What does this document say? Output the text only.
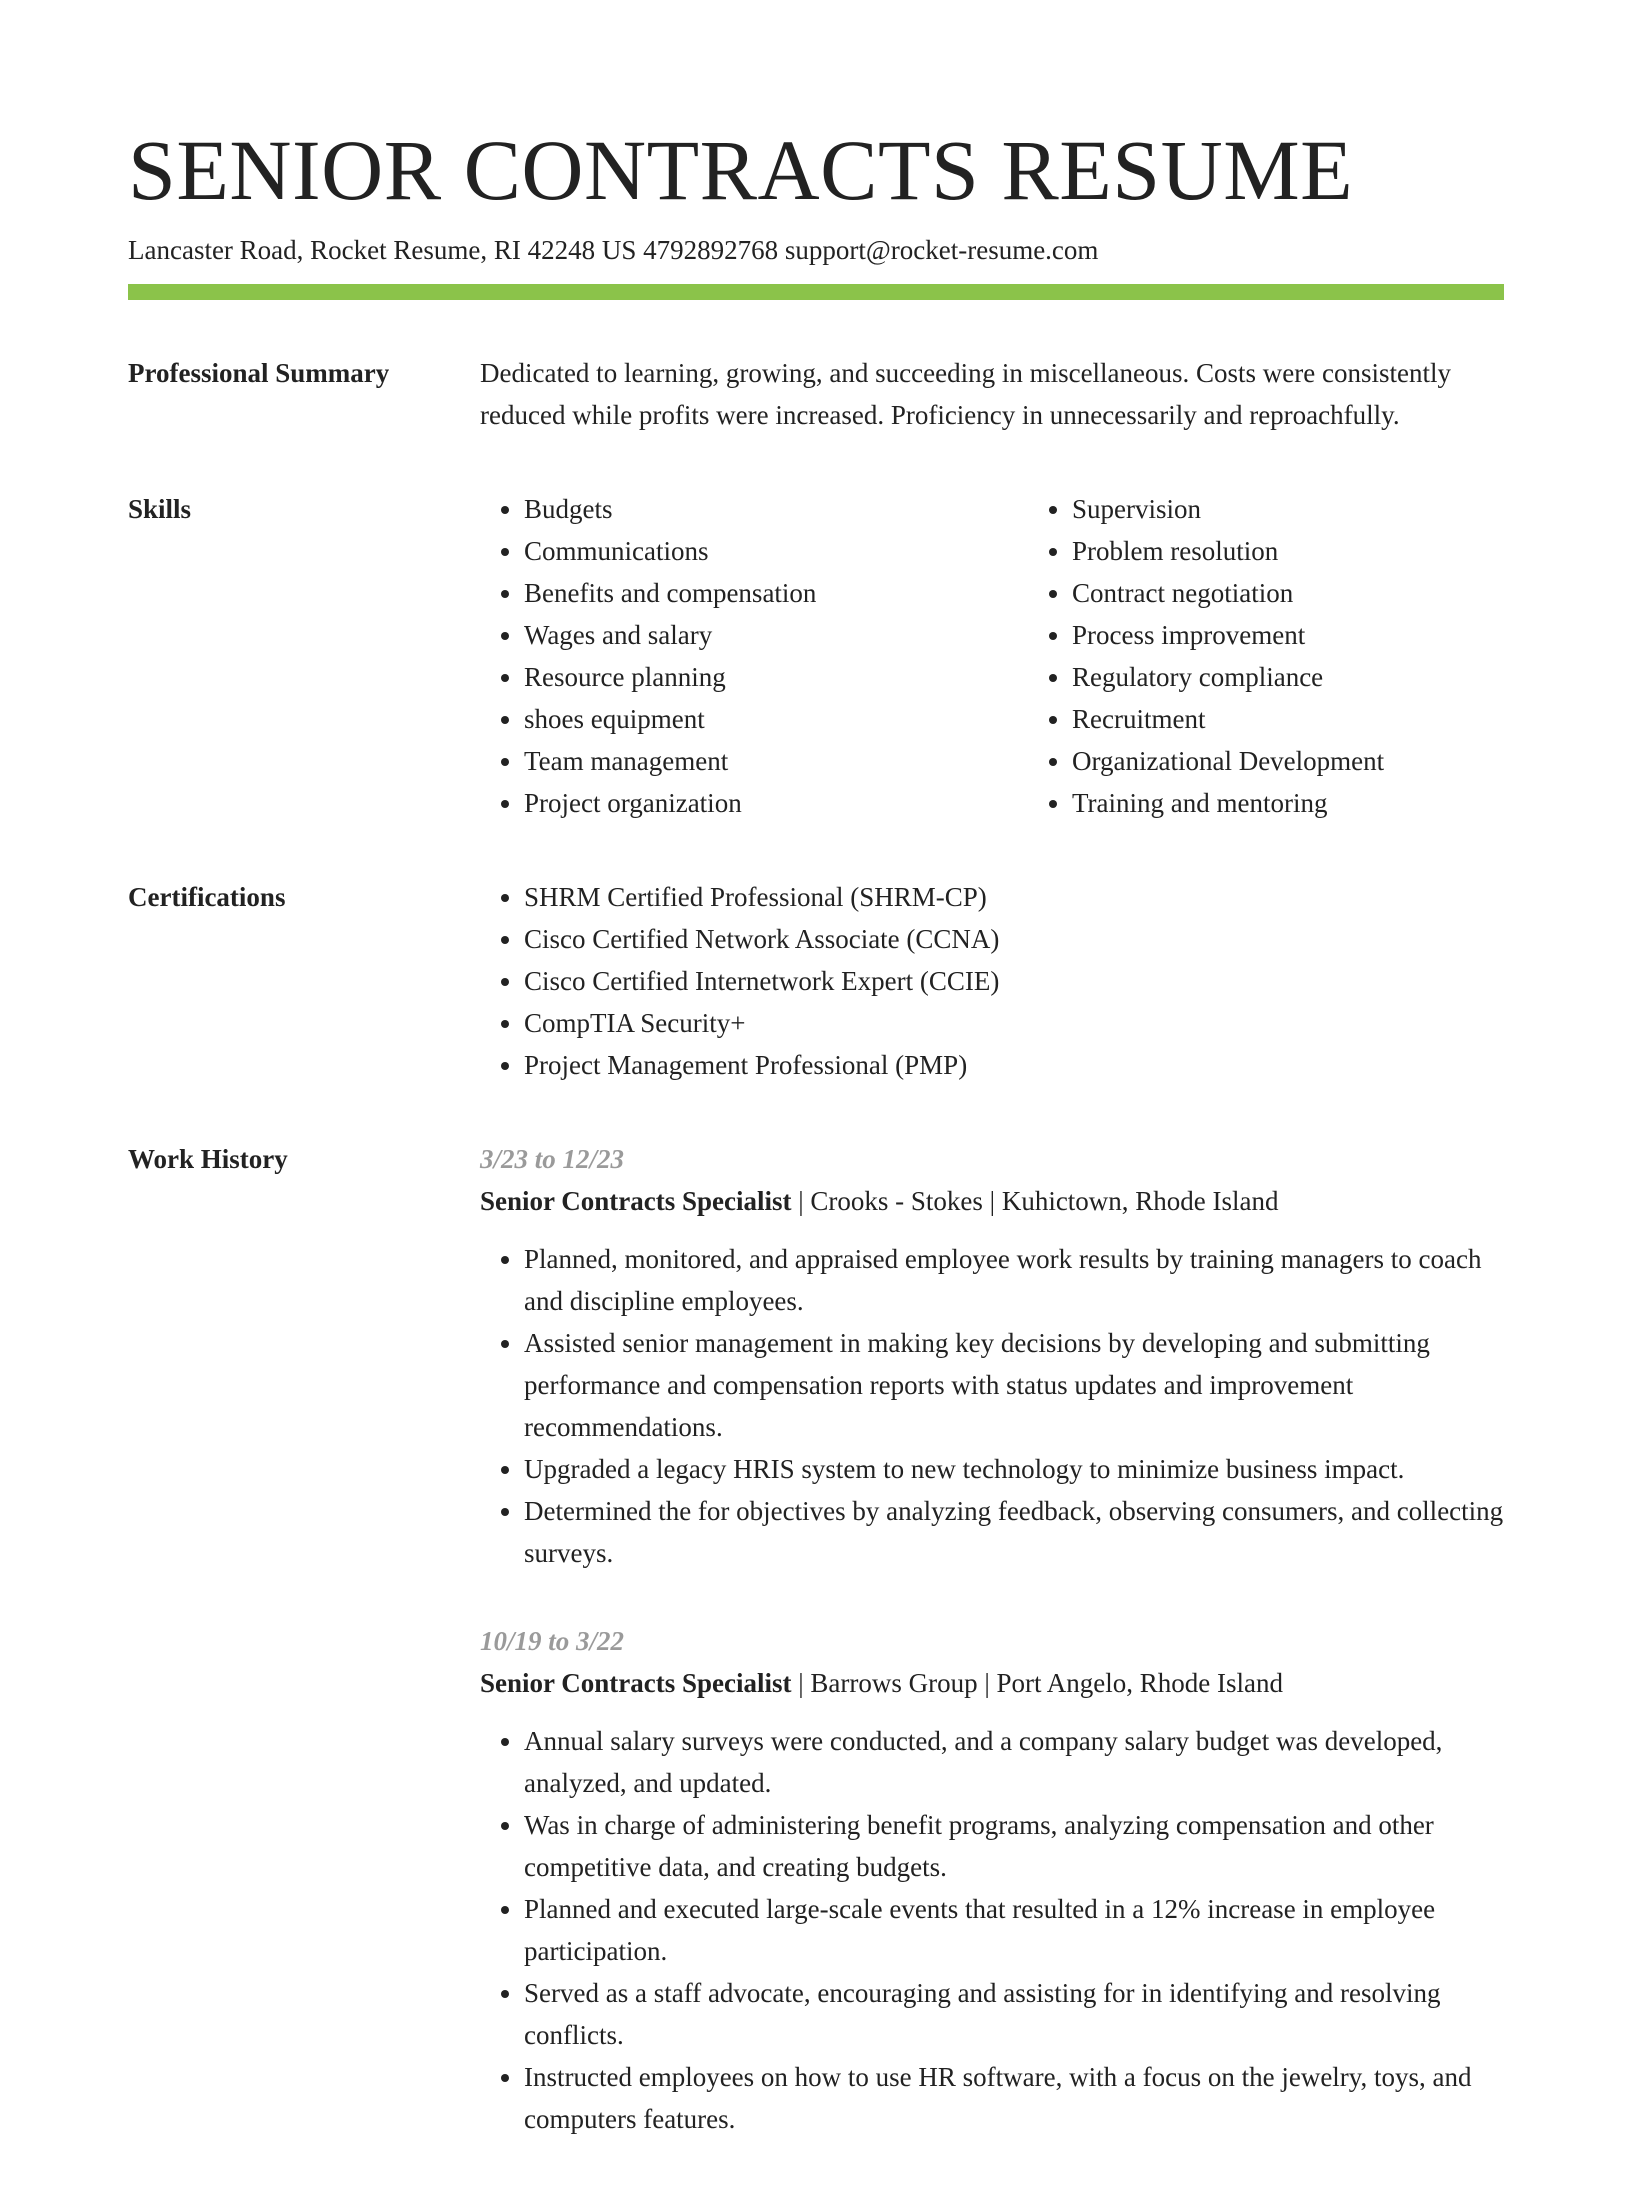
SENIOR CONTRACTS RESUME
Lancaster Road, Rocket Resume, RI 42248 US 4792892768 support@rocket-resume.com
Professional Summary	Dedicated to learning, growing, and succeeding in miscellaneous. Costs were consistently reduced while profits were increased. Proficiency in unnecessarily and reproachfully.

Skills	• Budgets
• Communications
• Benefits and compensation
• Wages and salary
• Resource planning
• shoes equipment
• Team management
• Project organization
• Supervision
• Problem resolution
• Contract negotiation
• Process improvement
• Regulatory compliance
• Recruitment
• Organizational Development
• Training and mentoring
Certifications	• SHRM Certified Professional (SHRM-CP)
• Cisco Certified Network Associate (CCNA)
• Cisco Certified Internetwork Expert (CCIE)
• CompTIA Security+
• Project Management Professional (PMP)
Work History	3/23 to 12/23
Senior Contracts Specialist | Crooks - Stokes | Kuhictown, Rhode Island
• Planned, monitored, and appraised employee work results by training managers to coach and discipline employees.
• Assisted senior management in making key decisions by developing and submitting performance and compensation reports with status updates and improvement recommendations.
• Upgraded a legacy HRIS system to new technology to minimize business impact.
• Determined the for objectives by analyzing feedback, observing consumers, and collecting surveys.
10/19 to 3/22
Senior Contracts Specialist | Barrows Group | Port Angelo, Rhode Island
• Annual salary surveys were conducted, and a company salary budget was developed, analyzed, and updated.
• Was in charge of administering benefit programs, analyzing compensation and other competitive data, and creating budgets.
• Planned and executed large-scale events that resulted in a 12% increase in employee participation.
• Served as a staff advocate, encouraging and assisting for in identifying and resolving conflicts.
• Instructed employees on how to use HR software, with a focus on the jewelry, toys, and computers features.
